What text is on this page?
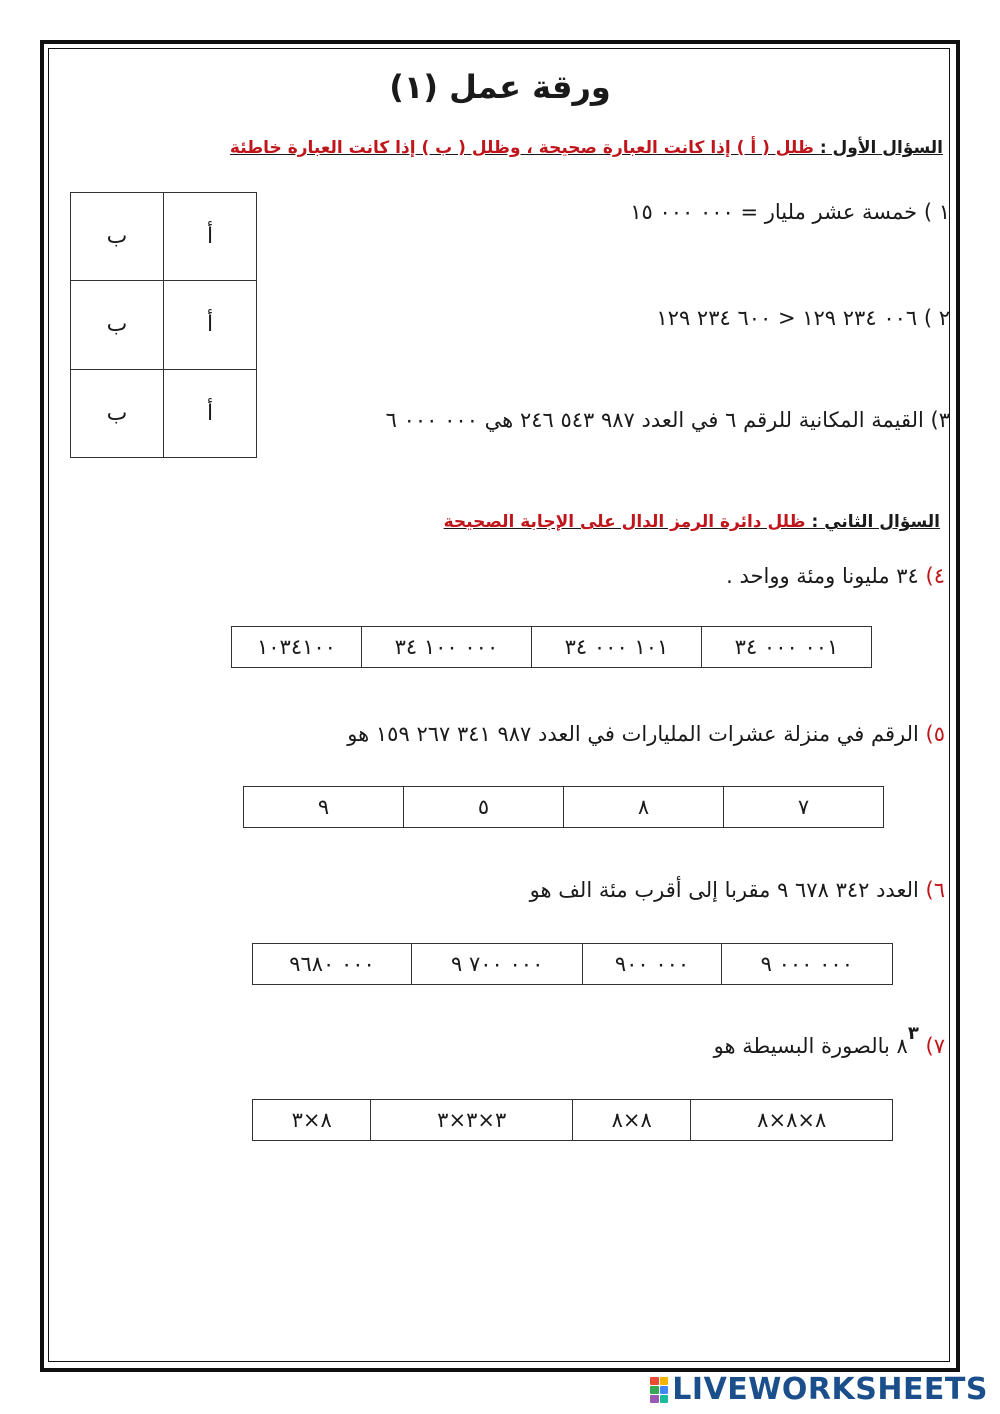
ورقة عمل (١)
السؤال الأول : ظلل ( أ ) إذا كانت العبارة صحيحة ، وظلل ( ب ) إذا كانت العبارة خاطئة
١ ) خمسة عشر مليار = ٠٠٠ ٠٠٠ ١٥
٢ ) ٠٠٦ ٢٣٤ ١٢٩ < ٦٠٠ ٢٣٤ ١٢٩
٣) القيمة المكانية للرقم ٦ في العدد ٩٨٧ ٥٤٣ ٢٤٦ هي ٠٠٠ ٠٠٠ ٦
ب	أ
ب	أ
ب	أ
السؤال الثاني : ظلل دائرة الرمز الدال على الإجابة الصحيحة
٤) ٣٤ مليونا ومئة وواحد .
١٠٣٤١٠٠	٠٠٠ ١٠٠ ٣٤	١٠١ ٠٠٠ ٣٤	٠٠١ ٠٠٠ ٣٤
٥) الرقم في منزلة عشرات المليارات في العدد ٩٨٧ ٣٤١ ٢٦٧ ١٥٩ هو
٩	٥	٨	٧
٦) العدد ٣٤٢ ٦٧٨ ٩ مقربا إلى أقرب مئة الف هو
٠٠٠ ٩٦٨٠	٠٠٠ ٧٠٠ ٩	٠٠٠ ٩٠٠	٠٠٠ ٠٠٠ ٩
٧) ٨٣ بالصورة البسيطة هو
٨×٣	٣×٣×٣	٨×٨	٨×٨×٨
LIVEWORKSHEETS
